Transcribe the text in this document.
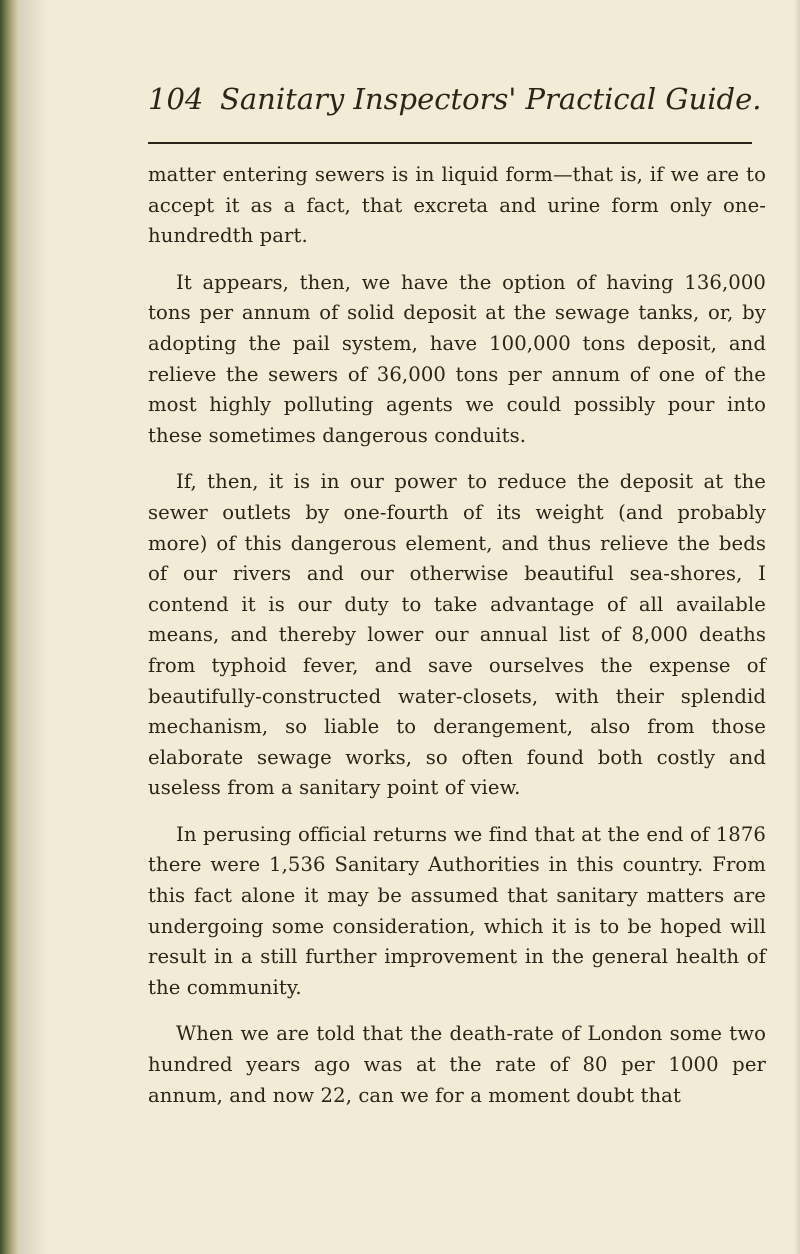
104 Sanitary Inspectors' Practical Guide.

matter entering sewers is in liquid form—that is, if we are to accept it as a fact, that excreta and urine form only one-hundredth part.

It appears, then, we have the option of having 136,000 tons per annum of solid deposit at the sewage tanks, or, by adopting the pail system, have 100,000 tons deposit, and relieve the sewers of 36,000 tons per annum of one of the most highly polluting agents we could possibly pour into these sometimes dangerous conduits.

If, then, it is in our power to reduce the deposit at the sewer outlets by one-fourth of its weight (and probably more) of this dangerous element, and thus relieve the beds of our rivers and our otherwise beautiful sea-shores, I contend it is our duty to take advantage of all available means, and thereby lower our annual list of 8,000 deaths from typhoid fever, and save ourselves the expense of beautifully-constructed water-closets, with their splendid mechanism, so liable to derangement, also from those elaborate sewage works, so often found both costly and useless from a sanitary point of view.

In perusing official returns we find that at the end of 1876 there were 1,536 Sanitary Authorities in this country. From this fact alone it may be assumed that sanitary matters are undergoing some consideration, which it is to be hoped will result in a still further improvement in the general health of the community.

When we are told that the death-rate of London some two hundred years ago was at the rate of 80 per 1000 per annum, and now 22, can we for a moment doubt that
